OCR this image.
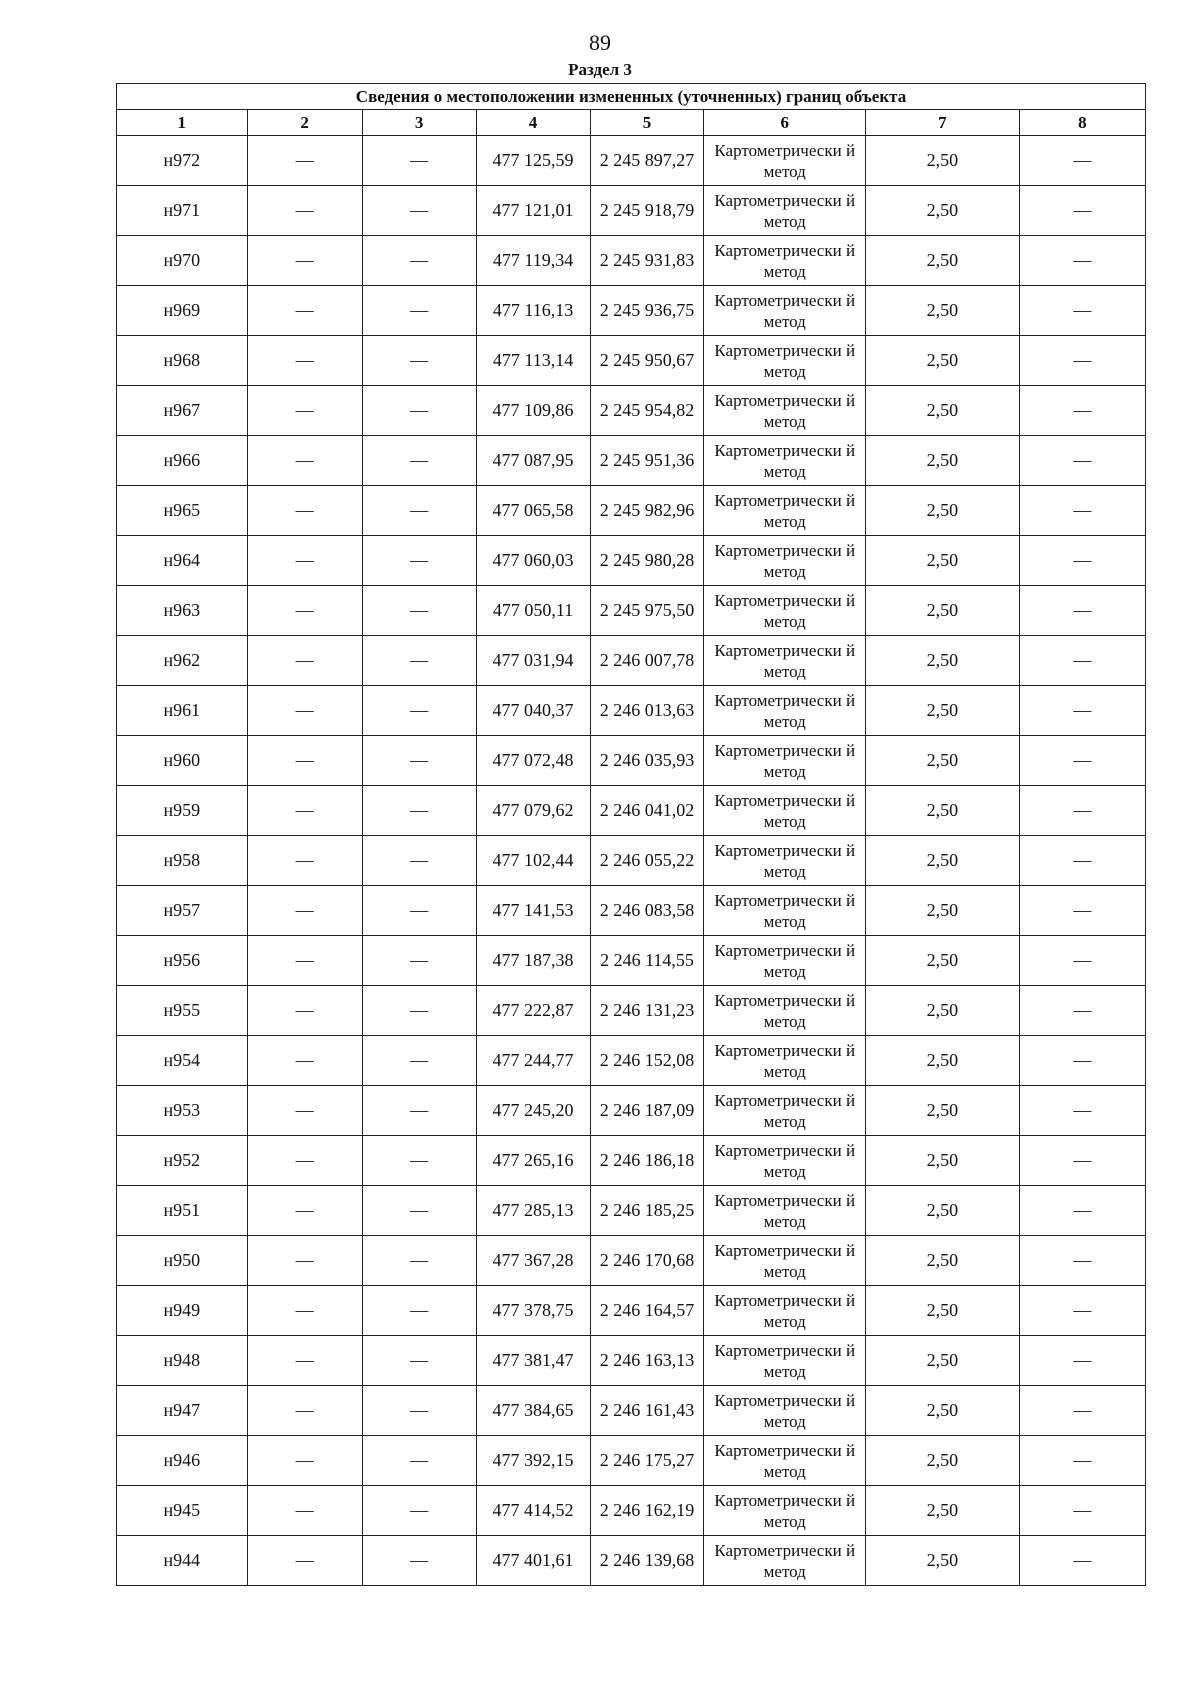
89
Раздел 3
Сведения о местоположении измененных (уточненных) границ объекта							
1	2	3	4	5	6	7	8
н972	—	—	477 125,59	2 245 897,27	Картометрически й метод	2,50	—
н971	—	—	477 121,01	2 245 918,79	Картометрически й метод	2,50	—
н970	—	—	477 119,34	2 245 931,83	Картометрически й метод	2,50	—
н969	—	—	477 116,13	2 245 936,75	Картометрически й метод	2,50	—
н968	—	—	477 113,14	2 245 950,67	Картометрически й метод	2,50	—
н967	—	—	477 109,86	2 245 954,82	Картометрически й метод	2,50	—
н966	—	—	477 087,95	2 245 951,36	Картометрически й метод	2,50	—
н965	—	—	477 065,58	2 245 982,96	Картометрически й метод	2,50	—
н964	—	—	477 060,03	2 245 980,28	Картометрически й метод	2,50	—
н963	—	—	477 050,11	2 245 975,50	Картометрически й метод	2,50	—
н962	—	—	477 031,94	2 246 007,78	Картометрически й метод	2,50	—
н961	—	—	477 040,37	2 246 013,63	Картометрически й метод	2,50	—
н960	—	—	477 072,48	2 246 035,93	Картометрически й метод	2,50	—
н959	—	—	477 079,62	2 246 041,02	Картометрически й метод	2,50	—
н958	—	—	477 102,44	2 246 055,22	Картометрически й метод	2,50	—
н957	—	—	477 141,53	2 246 083,58	Картометрически й метод	2,50	—
н956	—	—	477 187,38	2 246 114,55	Картометрически й метод	2,50	—
н955	—	—	477 222,87	2 246 131,23	Картометрически й метод	2,50	—
н954	—	—	477 244,77	2 246 152,08	Картометрически й метод	2,50	—
н953	—	—	477 245,20	2 246 187,09	Картометрически й метод	2,50	—
н952	—	—	477 265,16	2 246 186,18	Картометрически й метод	2,50	—
н951	—	—	477 285,13	2 246 185,25	Картометрически й метод	2,50	—
н950	—	—	477 367,28	2 246 170,68	Картометрически й метод	2,50	—
н949	—	—	477 378,75	2 246 164,57	Картометрически й метод	2,50	—
н948	—	—	477 381,47	2 246 163,13	Картометрически й метод	2,50	—
н947	—	—	477 384,65	2 246 161,43	Картометрически й метод	2,50	—
н946	—	—	477 392,15	2 246 175,27	Картометрически й метод	2,50	—
н945	—	—	477 414,52	2 246 162,19	Картометрически й метод	2,50	—
н944	—	—	477 401,61	2 246 139,68	Картометрически й метод	2,50	—
